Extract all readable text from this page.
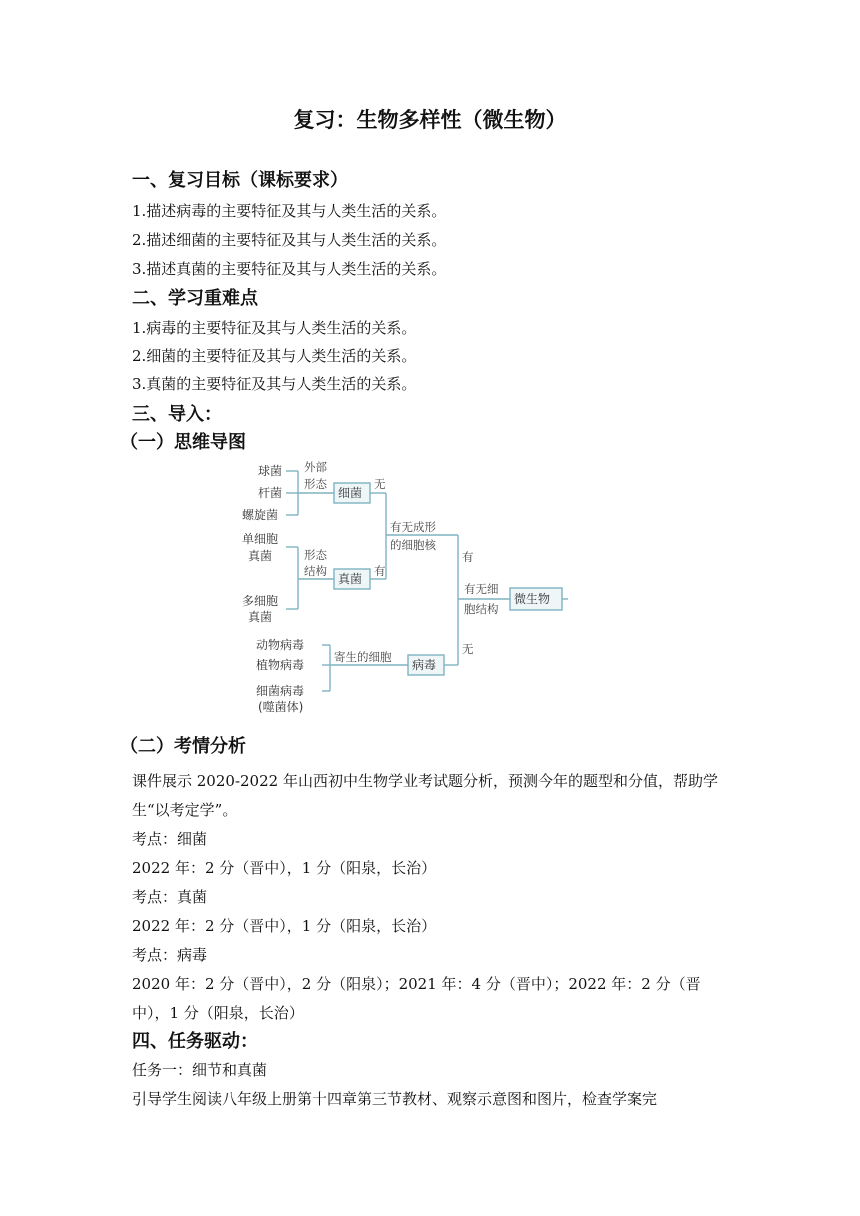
复习：生物多样性（微生物）
一、复习目标（课标要求）
1.描述病毒的主要特征及其与人类生活的关系。
2.描述细菌的主要特征及其与人类生活的关系。
3.描述真菌的主要特征及其与人类生活的关系。
二、学习重难点
1.病毒的主要特征及其与人类生活的关系。
2.细菌的主要特征及其与人类生活的关系。
3.真菌的主要特征及其与人类生活的关系。
三、导入：
（一）思维导图
球菌
杆菌
螺旋菌
外部
形态
细菌
无
有无成形
的细胞核
单细胞
真菌	形态
结构
真菌
有
多细胞
真菌
有
有无细
胞结构
微生物
动物病毒
植物病毒
细菌病毒
(噬菌体)
寄生的细胞
病毒
无
（二）考情分析

课件展示 2020-2022 年山西初中生物学业考试题分析，预测今年的题型和分值，帮助学生“以考定学”。

考点：细菌

2022 年：2 分（晋中），1 分（阳泉，长治）

考点：真菌

2022 年：2 分（晋中），1 分（阳泉，长治）

考点：病毒

2020 年：2 分（晋中），2 分（阳泉）；2021 年：4 分（晋中）；2022 年：2 分（晋中），1 分（阳泉，长治）

四、任务驱动：
任务一：细节和真菌
引导学生阅读八年级上册第十四章第三节教材、观察示意图和图片，检查学案完
